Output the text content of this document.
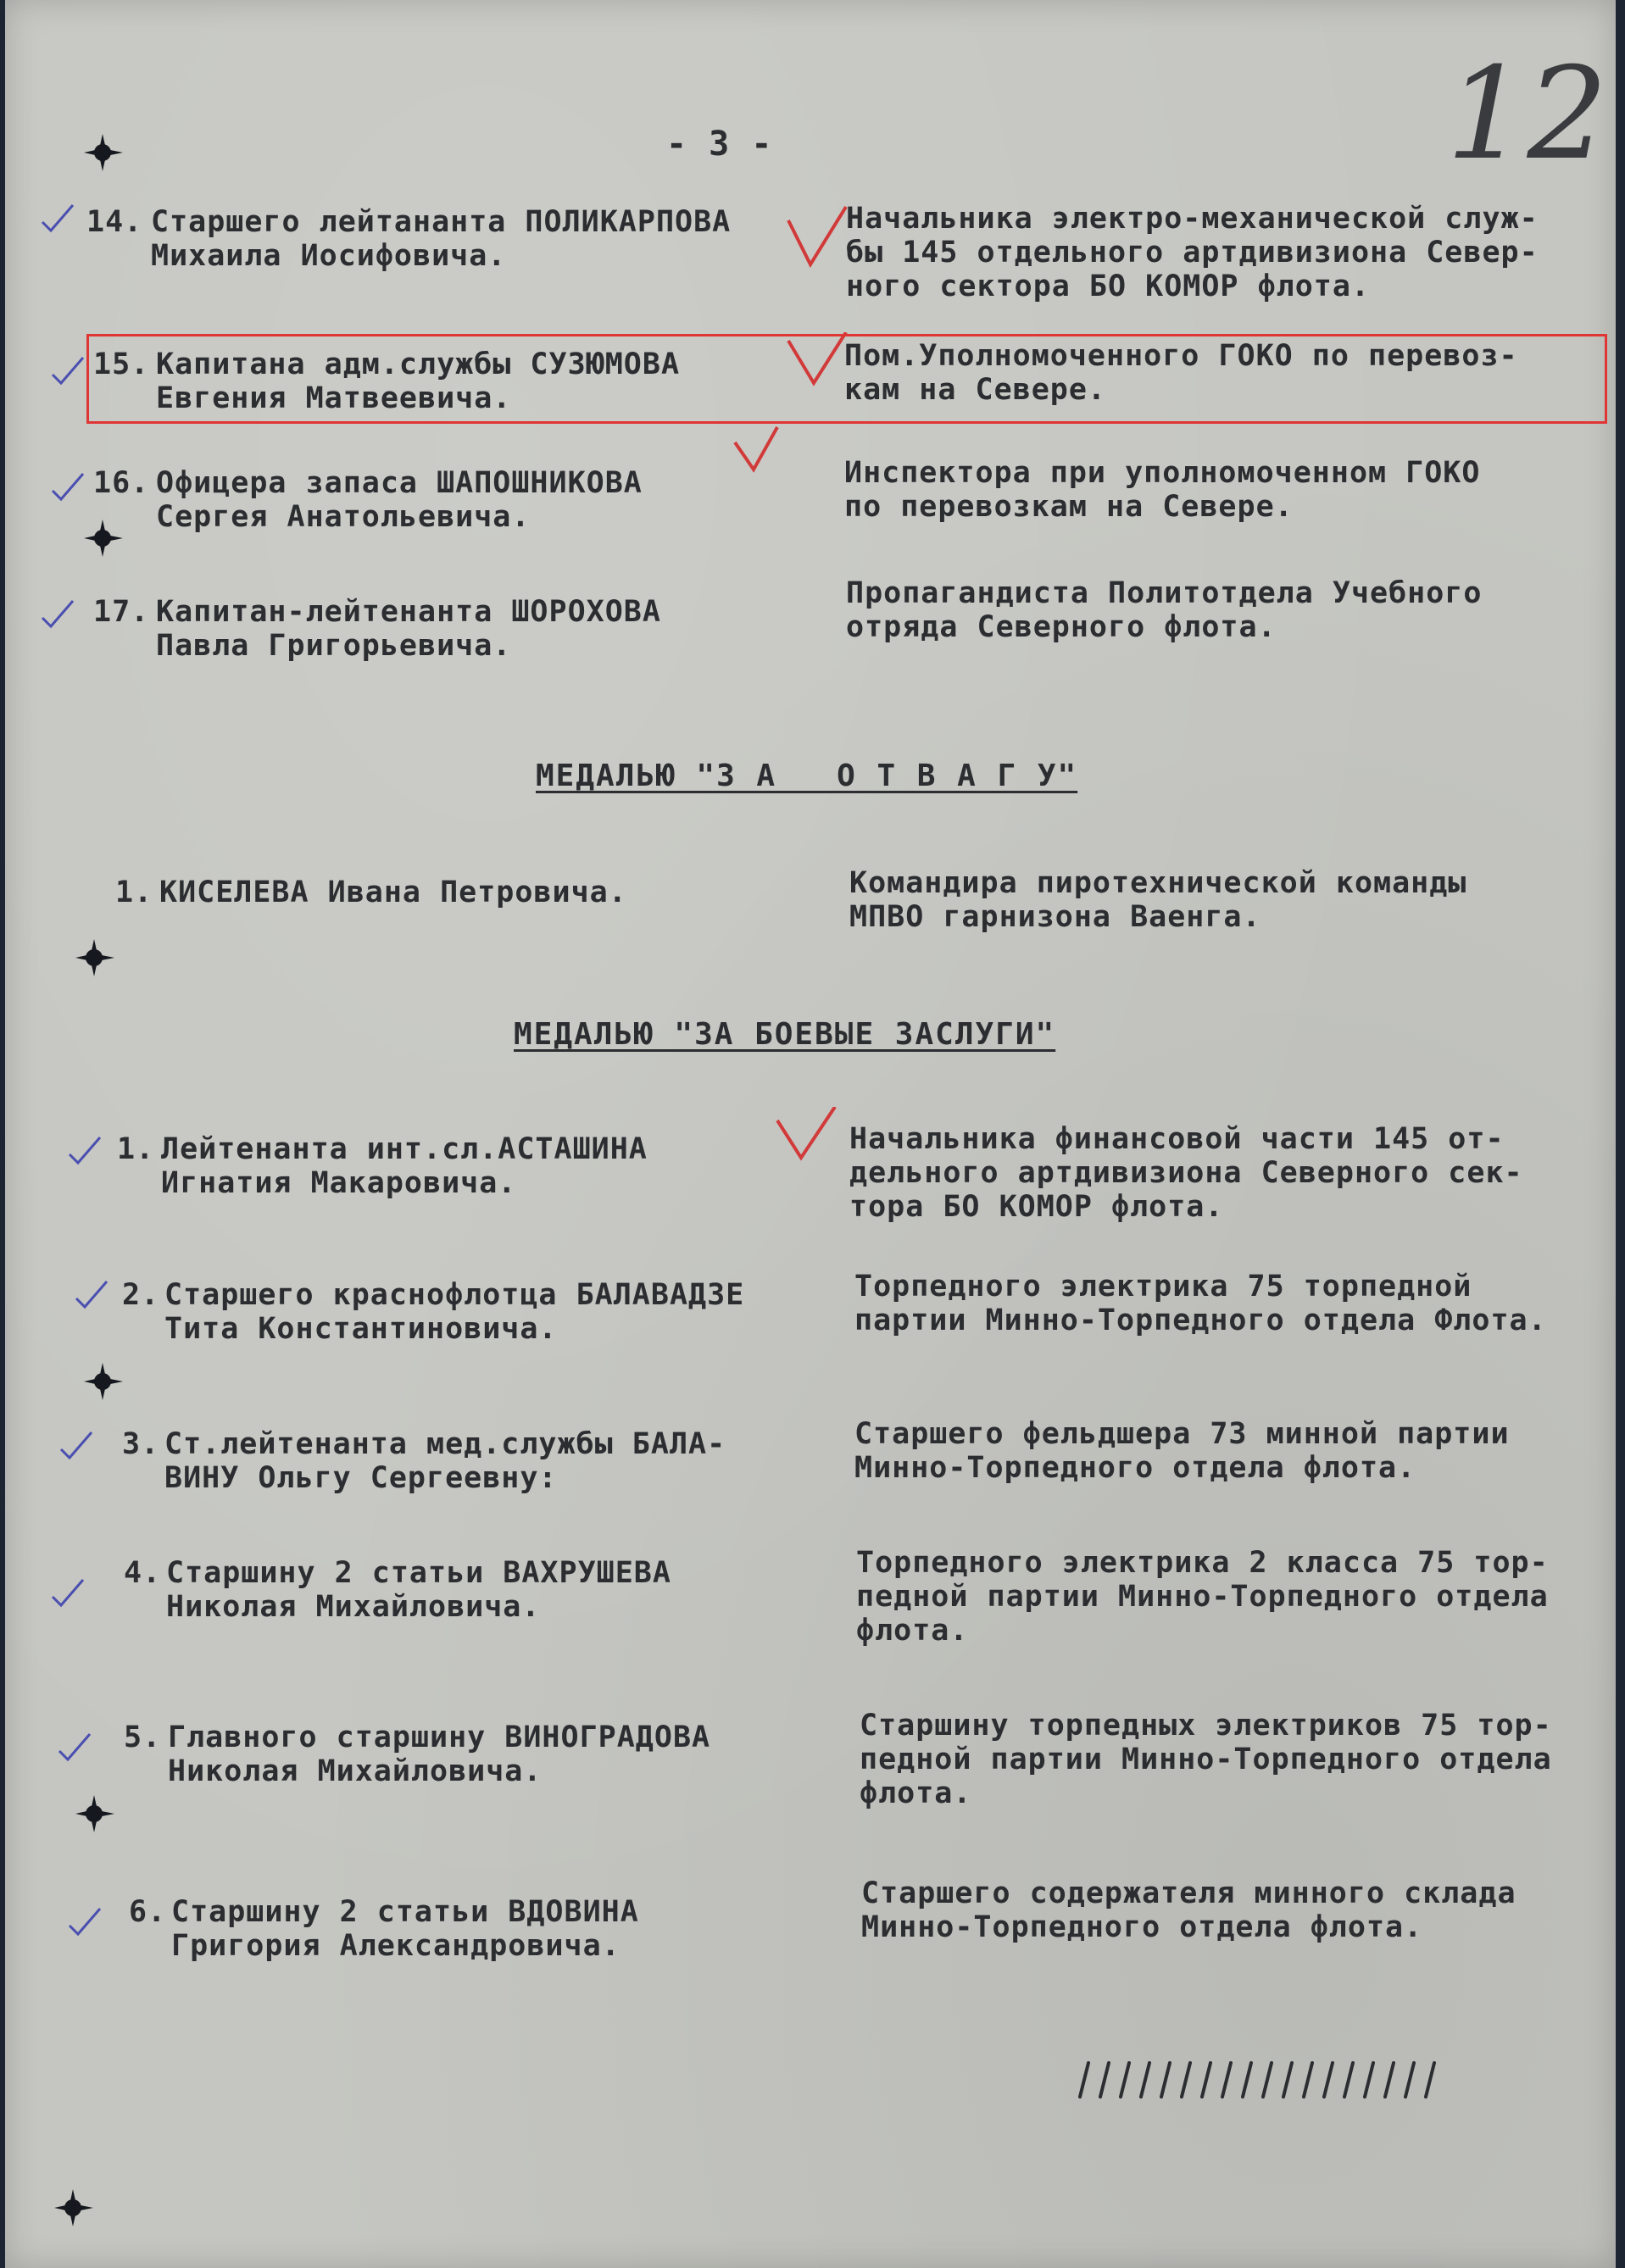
12
- 3 -
14. Старшего лейтананта ПОЛИКАРПОВА
Михаила Иосифовича.
Начальника электро-механической служ-
бы 145 отдельного артдивизиона Север-
ного сектора БО КОМОР флота.
15. Капитана адм.службы СУЗЮМОВА
Евгения Матвеевича.
Пом.Уполномоченного ГОКО по перевоз-
кам на Севере.
16. Офицера запаса ШАПОШНИКОВА
Сергея Анатольевича.
Инспектора при уполномоченном ГОКО
по перевозкам на Севере.
17. Капитан-лейтенанта ШОРОХОВА
Павла Григорьевича.
Пропагандиста Политотдела Учебного
отряда Северного флота.
МЕДАЛЬЮ "З А   О Т В А Г У"
1. КИСЕЛЕВА Ивана Петровича.	Командира пиротехнической команды
МПВО гарнизона Ваенга.
МЕДАЛЬЮ "ЗА БОЕВЫЕ ЗАСЛУГИ"
1. Лейтенанта инт.сл.АСТАШИНА
Игнатия Макаровича.
Начальника финансовой части 145 от-
дельного артдивизиона Северного сек-
тора БО КОМОР флота.
2. Старшего краснофлотца БАЛАВАДЗЕ
Тита Константиновича.
Торпедного электрика 75 торпедной
партии Минно-Торпедного отдела Флота.
3. Ст.лейтенанта мед.службы БАЛА-
ВИНУ Ольгу Сергеевну:
Старшего фельдшера 73 минной партии
Минно-Торпедного отдела флота.
4. Старшину 2 статьи ВАХРУШЕВА
Николая Михайловича.
Торпедного электрика 2 класса 75 тор-
педной партии Минно-Торпедного отдела
флота.
5. Главного старшину ВИНОГРАДОВА
Николая Михайловича.
Старшину торпедных электриков 75 тор-
педной партии Минно-Торпедного отдела
флота.
6. Старшину 2 статьи ВДОВИНА
Григория Александровича.
Старшего содержателя минного склада
Минно-Торпедного отдела флота.
